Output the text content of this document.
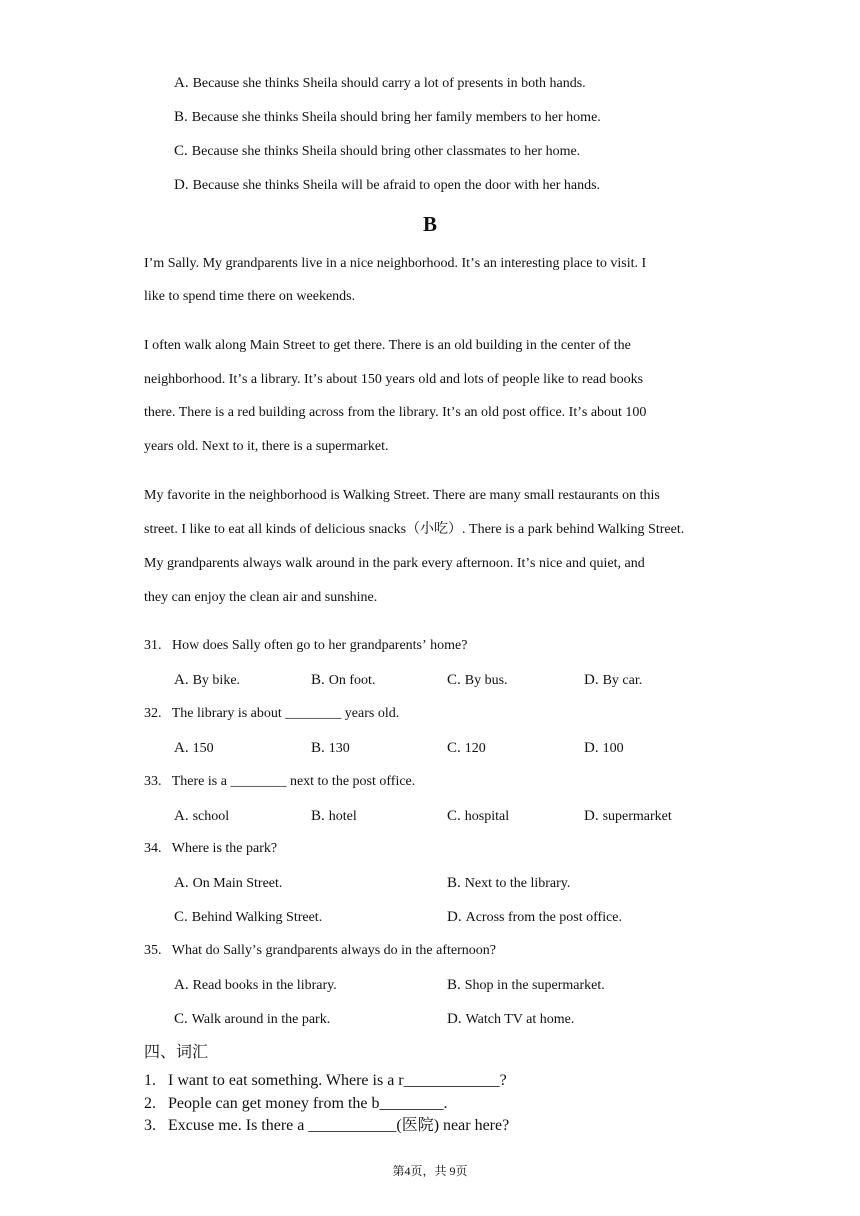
A. Because she thinks Sheila should carry a lot of presents in both hands.
B. Because she thinks Sheila should bring her family members to her home.
C. Because she thinks Sheila should bring other classmates to her home.
D. Because she thinks Sheila will be afraid to open the door with her hands.
B
Iʼm Sally. My grandparents live in a nice neighborhood. Itʼs an interesting place to visit. I
like to spend time there on weekends.
I often walk along Main Street to get there. There is an old building in the center of the
neighborhood. Itʼs a library. Itʼs about 150 years old and lots of people like to read books
there. There is a red building across from the library. Itʼs an old post office. Itʼs about 100
years old. Next to it, there is a supermarket.
My favorite in the neighborhood is Walking Street. There are many small restaurants on this
street. I like to eat all kinds of delicious snacks（小吃）. There is a park behind Walking Street.
My grandparents always walk around in the park every afternoon. Itʼs nice and quiet, and
they can enjoy the clean air and sunshine.
31. How does Sally often go to her grandparentsʼ home?
A. By bike.	B. On foot.	C. By bus.	D. By car.
32. The library is about ________ years old.
A. 150	B. 130	C. 120	D. 100
33. There is a ________ next to the post office.
A. school	B. hotel	C. hospital	D. supermarket
34. Where is the park?
A. On Main Street.	B. Next to the library.
C. Behind Walking Street.	D. Across from the post office.
35. What do Sallyʼs grandparents always do in the afternoon?
A. Read books in the library.	B. Shop in the supermarket.
C. Walk around in the park.	D. Watch TV at home.
四、词汇
1. I want to eat something. Where is a r____________?
2. People can get money from the b________.
3. Excuse me. Is there a ___________(医院) near here?
第4页，共 9页
